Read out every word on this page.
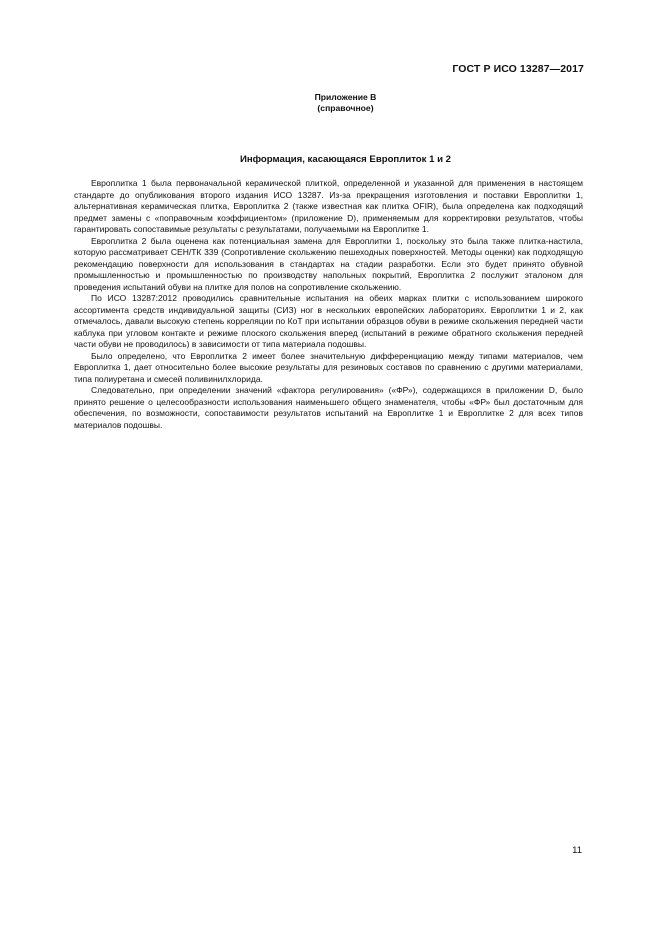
ГОСТ Р ИСО 13287—2017
Приложение В
(справочное)
Информация, касающаяся Европлиток 1 и 2

Европлитка 1 была первоначальной керамической плиткой, определенной и указанной для применения в настоящем стандарте до опубликования второго издания ИСО 13287. Из-за прекращения изготовления и поставки Европлитки 1, альтернативная керамическая плитка, Европлитка 2 (также известная как плитка OFIR), была определена как подходящий предмет замены с «поправочным коэффициентом» (приложение D), применяемым для корректировки результатов, чтобы гарантировать сопоставимые результаты с результатами, получаемыми на Европлитке 1.

Европлитка 2 была оценена как потенциальная замена для Европлитки 1, поскольку это была также плитка-настила, которую рассматривает СЕН/ТК 339 (Сопротивление скольжению пешеходных поверхностей. Методы оценки) как подходящую рекомендацию поверхности для использования в стандартах на стадии разработки. Если это будет принято обувной промышленностью и промышленностью по производству напольных покрытий, Европлитка 2 послужит эталоном для проведения испытаний обуви на плитке для полов на сопротивление скольжению.

По ИСО 13287:2012 проводились сравнительные испытания на обеих марках плитки с использованием широкого ассортимента средств индивидуальной защиты (СИЗ) ног в нескольких европейских лабораториях. Европлитки 1 и 2, как отмечалось, давали высокую степень корреляции по КоТ при испытании образцов обуви в режиме скольжения передней части каблука при угловом контакте и режиме плоского скольжения вперед (испытаний в режиме обратного скольжения передней части обуви не проводилось) в зависимости от типа материала подошвы.

Было определено, что Европлитка 2 имеет более значительную дифференциацию между типами материалов, чем Европлитка 1, дает относительно более высокие результаты для резиновых составов по сравнению с другими материалами, типа полиуретана и смесей поливинилхлорида.

Следовательно, при определении значений «фактора регулирования» («ФР»), содержащихся в приложении D, было принято решение о целесообразности использования наименьшего общего знаменателя, чтобы «ФР» был достаточным для обеспечения, по возможности, сопоставимости результатов испытаний на Европлитке 1 и Европлитке 2 для всех типов материалов подошвы.

11
